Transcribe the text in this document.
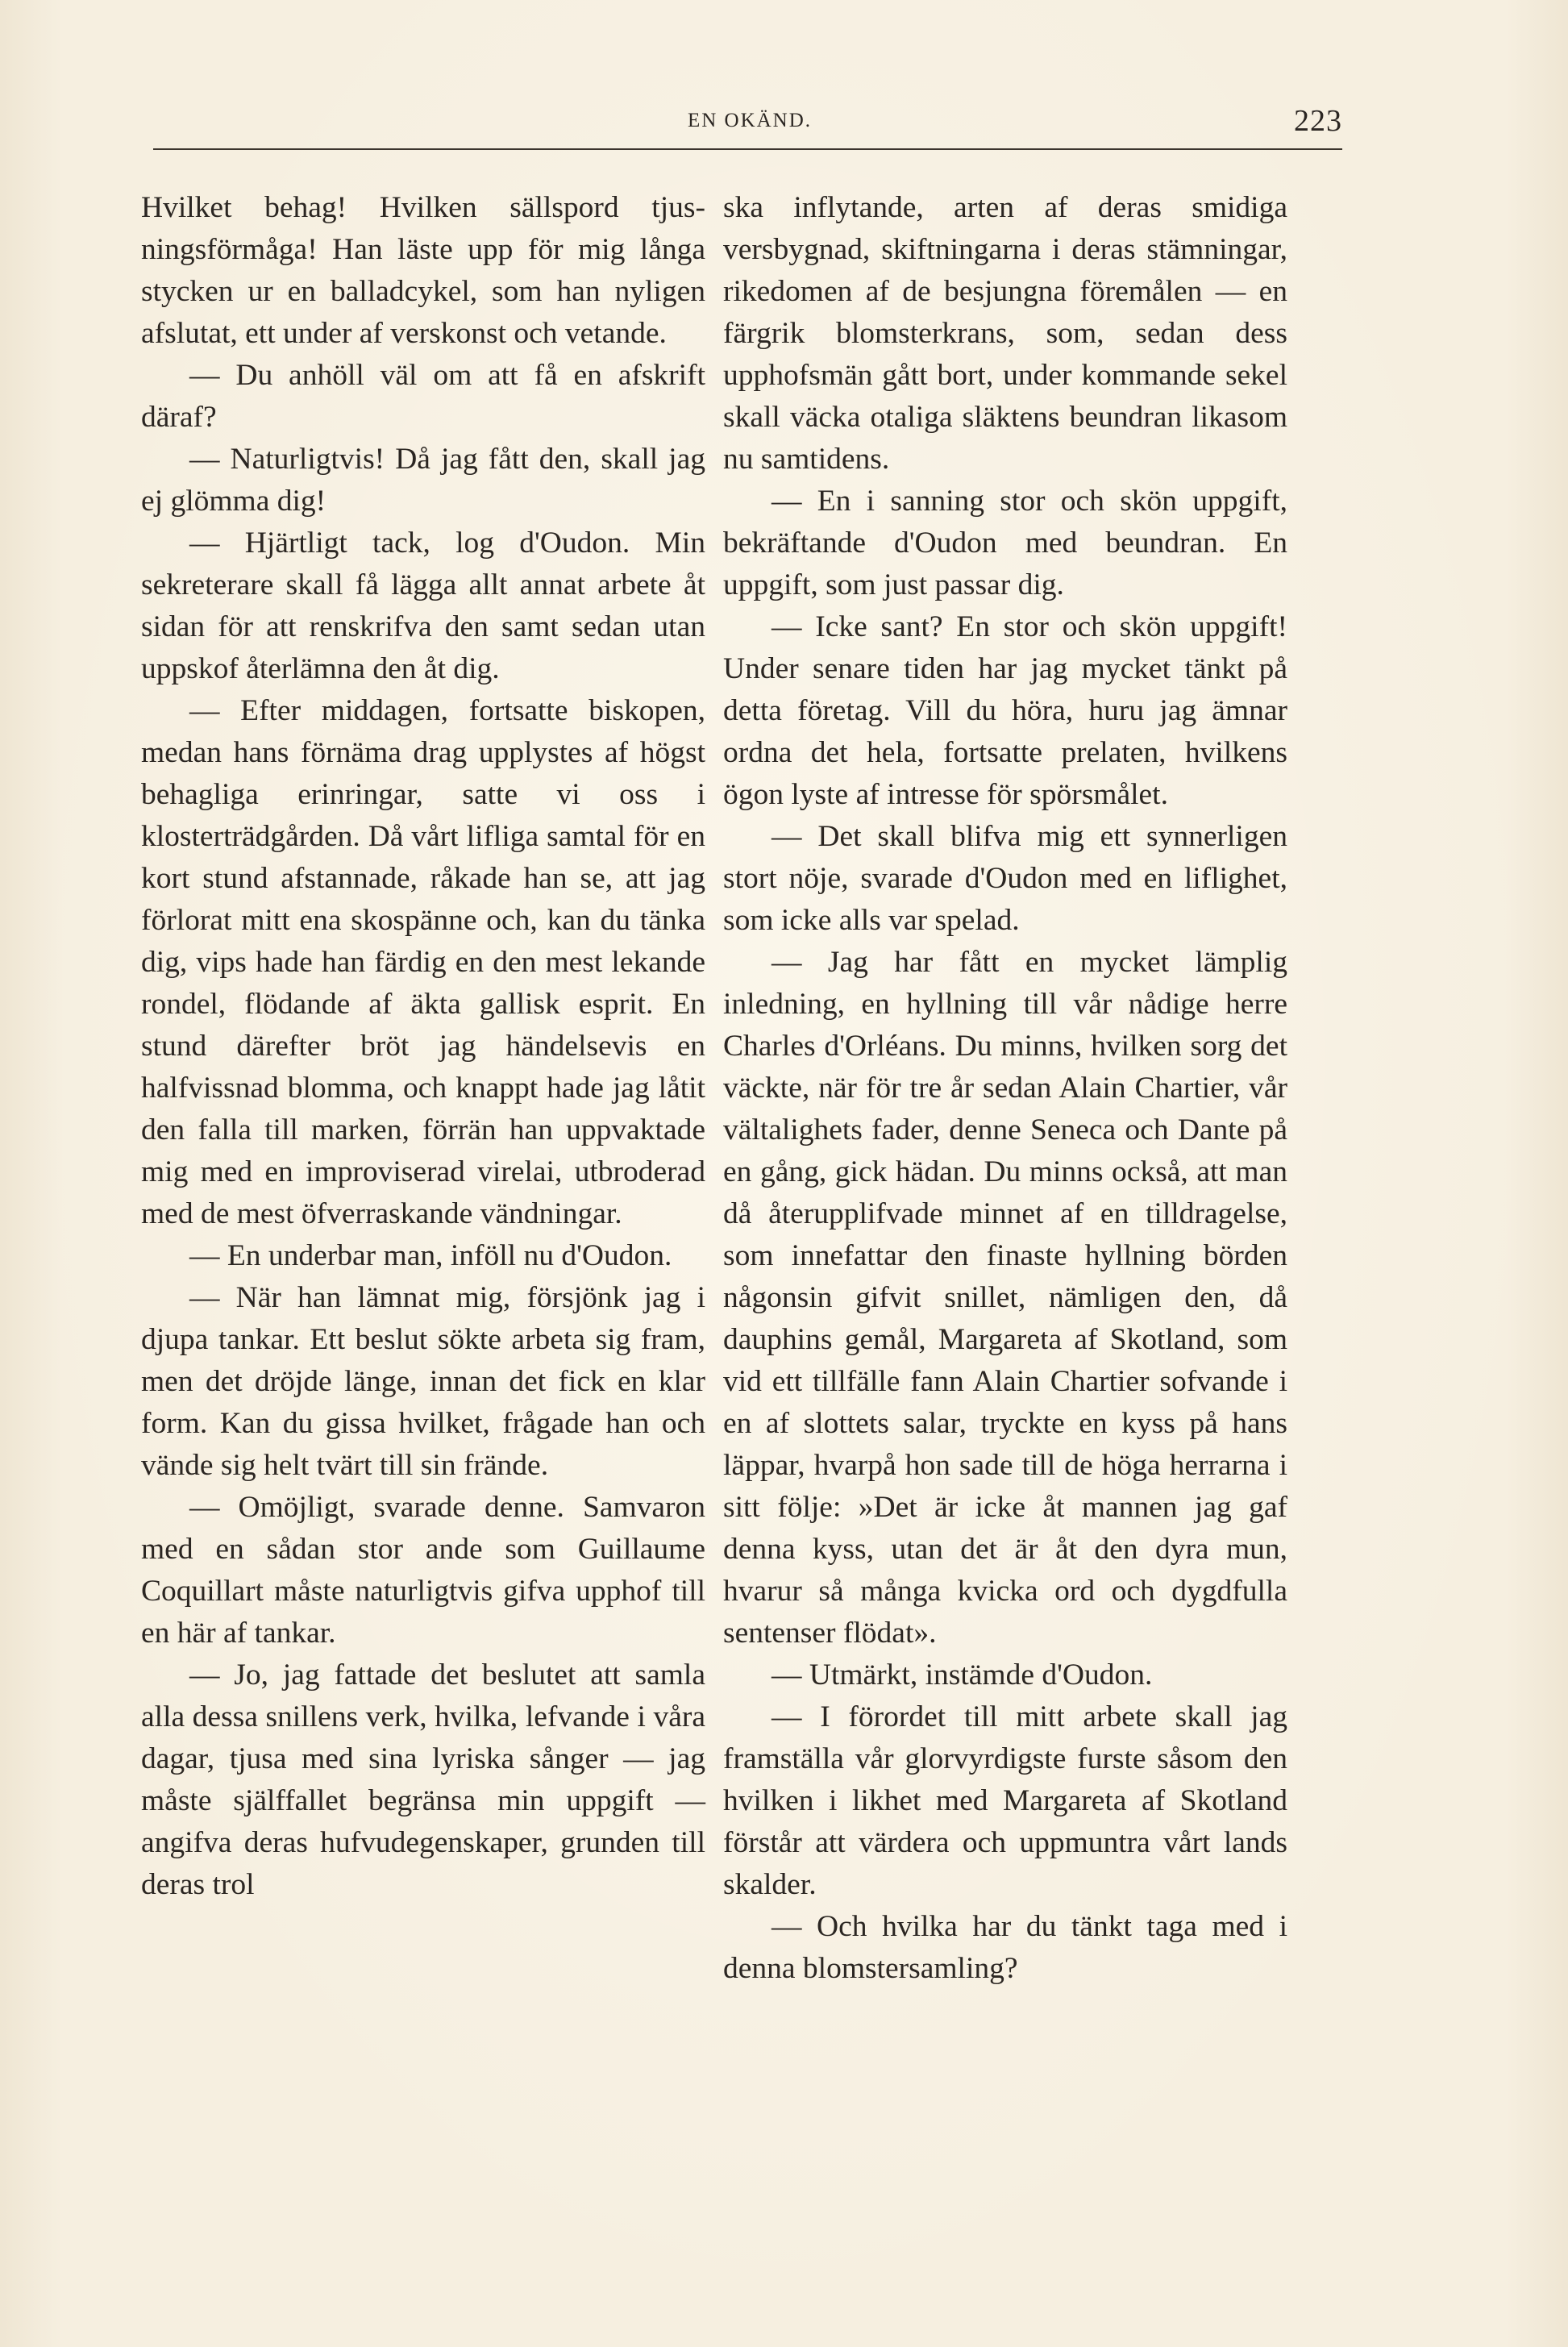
EN OKÄND.	223

Hvilket behag! Hvilken sällspord tjusningsförmåga! Han läste upp för mig långa stycken ur en balladcykel, som han nyligen afslutat, ett under af verskonst och vetande.

— Du anhöll väl om att få en afskrift däraf?

— Naturligtvis! Då jag fått den, skall jag ej glömma dig!

— Hjärtligt tack, log d'Oudon. Min sekreterare skall få lägga allt annat arbete åt sidan för att renskrifva den samt sedan utan uppskof återlämna den åt dig.

— Efter middagen, fortsatte biskopen, medan hans förnäma drag upplystes af högst behagliga erinringar, satte vi oss i klosterträdgården. Då vårt lifliga samtal för en kort stund afstannade, råkade han se, att jag förlorat mitt ena skospänne och, kan du tänka dig, vips hade han färdig en den mest lekande rondel, flödande af äkta gallisk esprit. En stund därefter bröt jag händelsevis en halfvissnad blomma, och knappt hade jag låtit den falla till marken, förrän han uppvaktade mig med en improviserad virelai, utbroderad med de mest öfverraskande vändningar.

— En underbar man, inföll nu d'Oudon.

— När han lämnat mig, försjönk jag i djupa tankar. Ett beslut sökte arbeta sig fram, men det dröjde länge, innan det fick en klar form. Kan du gissa hvilket, frågade han och vände sig helt tvärt till sin frände.

— Omöjligt, svarade denne. Samvaron med en sådan stor ande som Guillaume Coquillart måste naturligtvis gifva upphof till en här af tankar.

— Jo, jag fattade det beslutet att samla alla dessa snillens verk, hvilka, lefvande i våra dagar, tjusa med sina lyriska sånger — jag måste själffallet begränsa min uppgift — angifva deras hufvudegenskaper, grunden till deras trol

ska inflytande, arten af deras smidiga versbygnad, skiftningarna i deras stämningar, rikedomen af de besjungna föremålen — en färgrik blomsterkrans, som, sedan dess upphofsmän gått bort, under kommande sekel skall väcka otaliga släktens beundran likasom nu samtidens.

— En i sanning stor och skön uppgift, bekräftande d'Oudon med beundran. En uppgift, som just passar dig.

— Icke sant? En stor och skön uppgift! Under senare tiden har jag mycket tänkt på detta företag. Vill du höra, huru jag ämnar ordna det hela, fortsatte prelaten, hvilkens ögon lyste af intresse för spörsmålet.

— Det skall blifva mig ett synnerligen stort nöje, svarade d'Oudon med en liflighet, som icke alls var spelad.

— Jag har fått en mycket lämplig inledning, en hyllning till vår nådige herre Charles d'Orléans. Du minns, hvilken sorg det väckte, när för tre år sedan Alain Chartier, vår vältalighets fader, denne Seneca och Dante på en gång, gick hädan. Du minns också, att man då återupplifvade minnet af en tilldragelse, som innefattar den finaste hyllning börden någonsin gifvit snillet, nämligen den, då dauphins gemål, Margareta af Skotland, som vid ett tillfälle fann Alain Chartier sofvande i en af slottets salar, tryckte en kyss på hans läppar, hvarpå hon sade till de höga herrarna i sitt följe: »Det är icke åt mannen jag gaf denna kyss, utan det är åt den dyra mun, hvarur så många kvicka ord och dygdfulla sentenser flödat».

— Utmärkt, instämde d'Oudon.

— I förordet till mitt arbete skall jag framställa vår glorvyrdigste furste såsom den hvilken i likhet med Margareta af Skotland förstår att värdera och uppmuntra vårt lands skalder.

— Och hvilka har du tänkt taga med i denna blomstersamling?
